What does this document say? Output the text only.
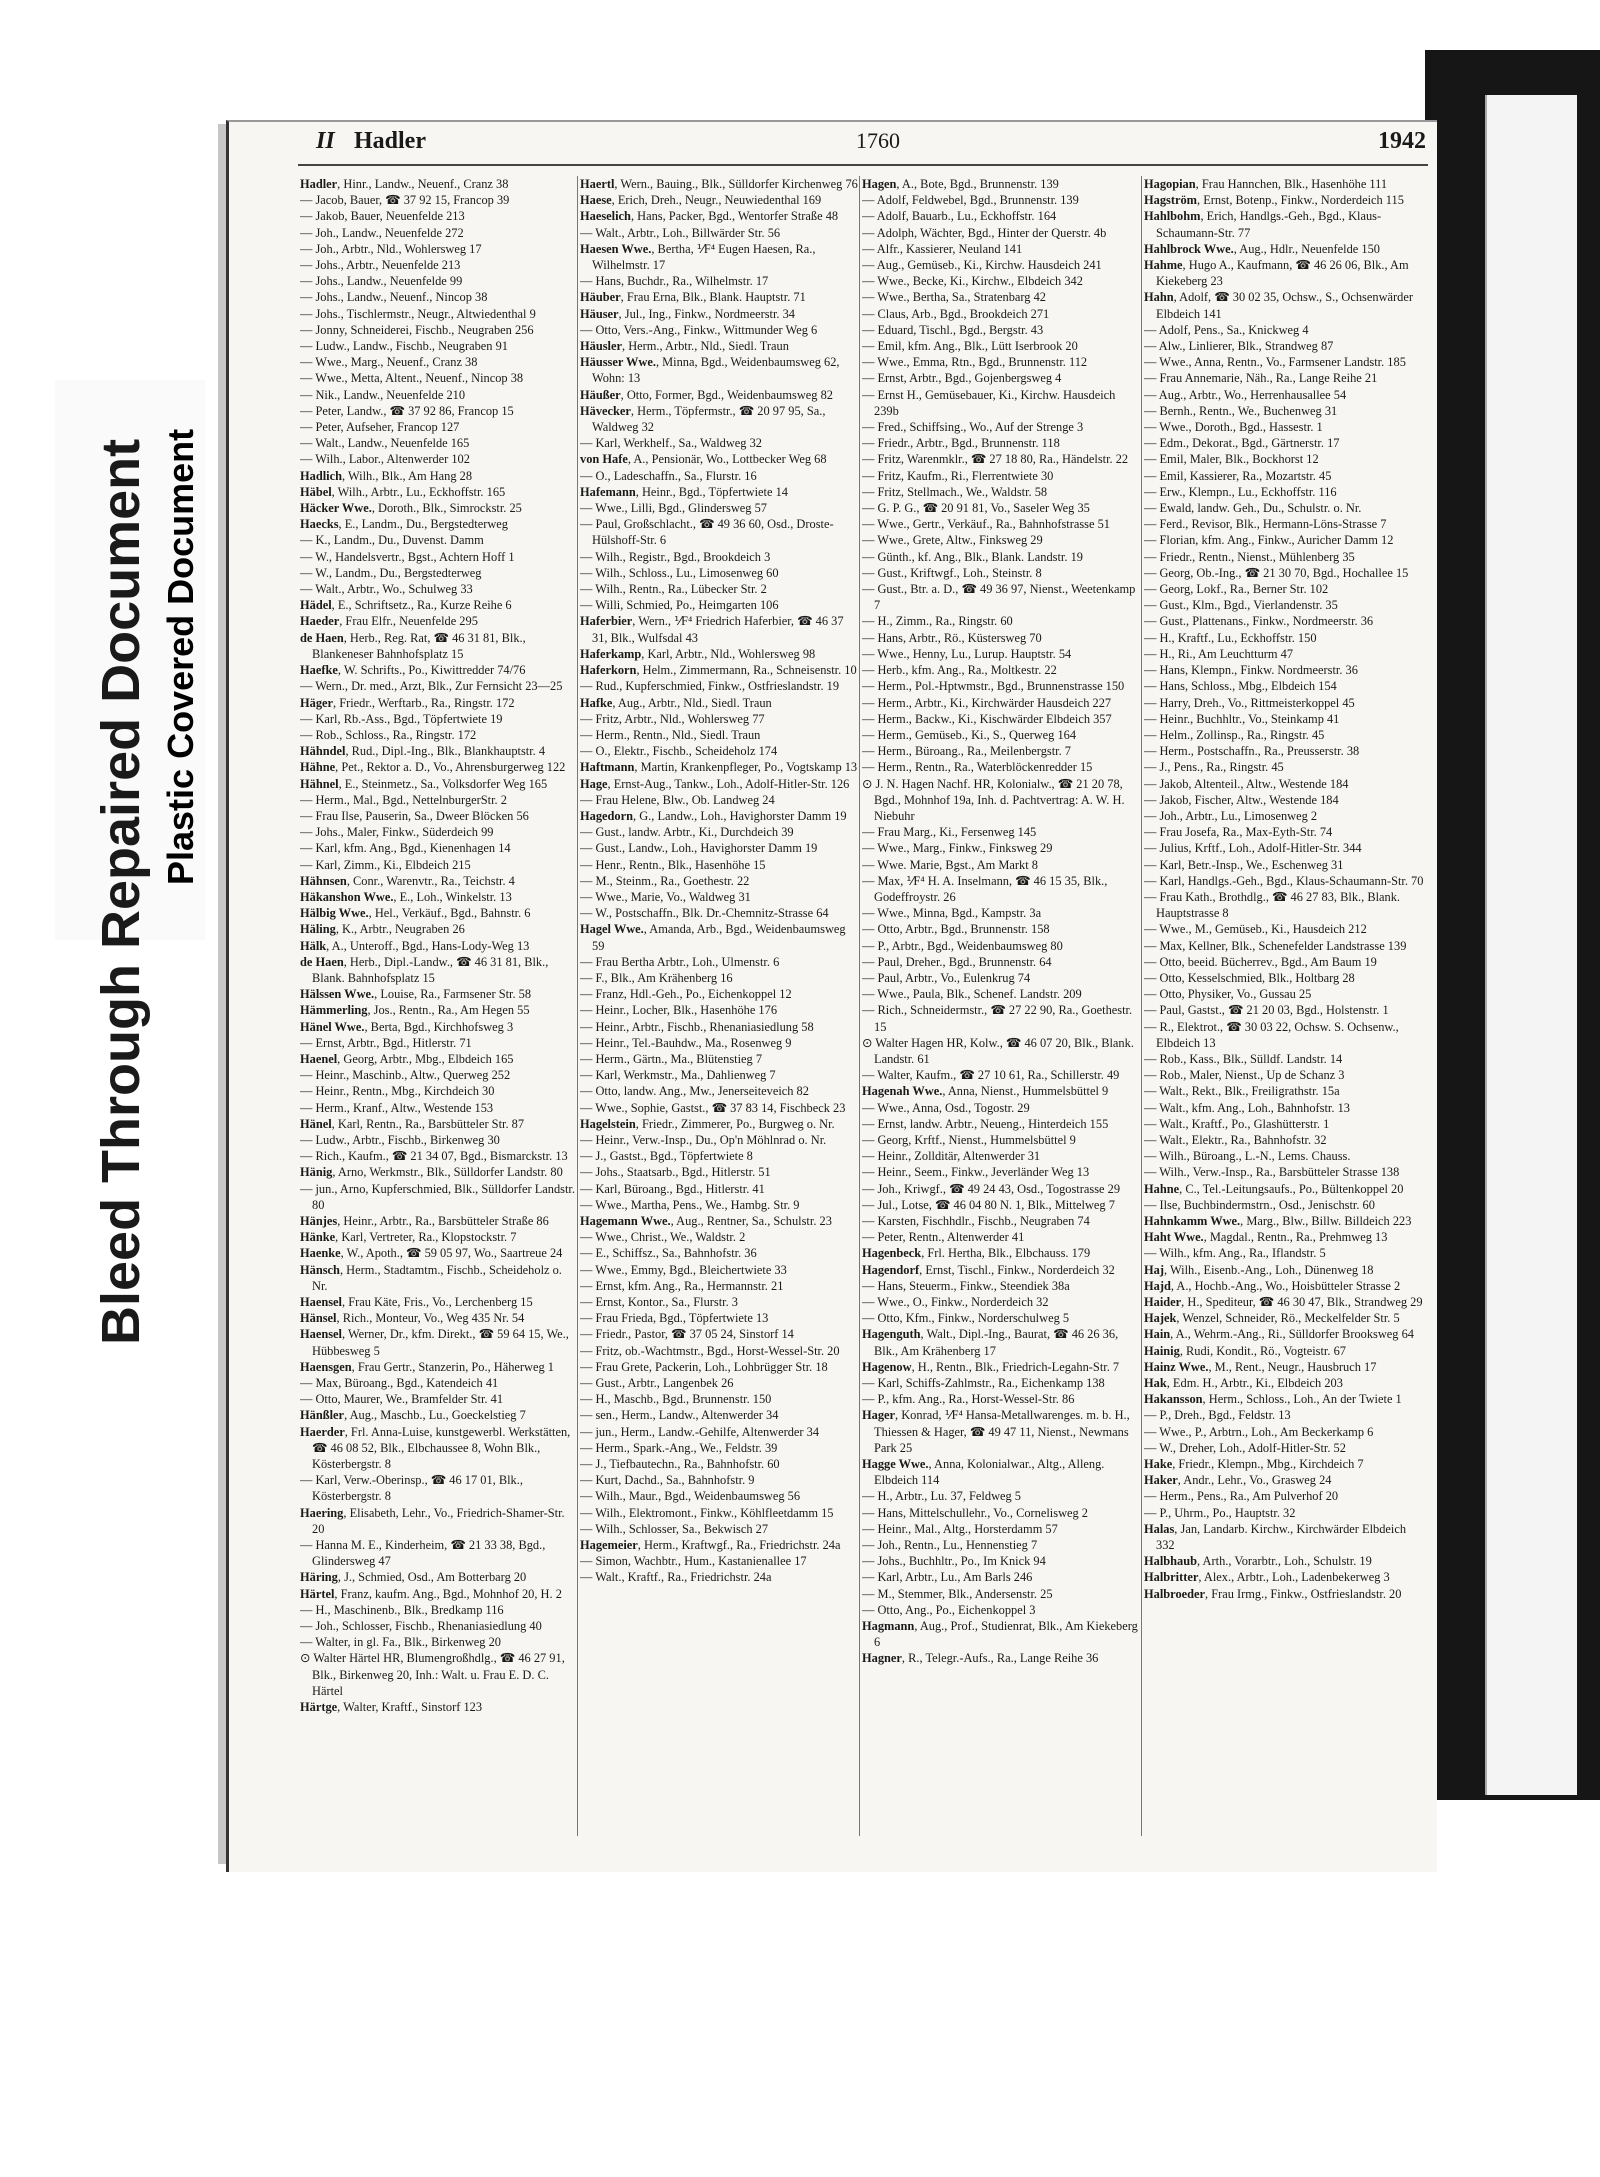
Bleed Through Repaired Document Plastic Covered Document
II Hadler	1760	1942

Hadler, Hinr., Landw., Neuenf., Cranz 38

— Jacob, Bauer, ☎ 37 92 15, Francop 39

— Jakob, Bauer, Neuenfelde 213

— Joh., Landw., Neuenfelde 272

— Joh., Arbtr., Nld., Wohlersweg 17

— Johs., Arbtr., Neuenfelde 213

— Johs., Landw., Neuenfelde 99

— Johs., Landw., Neuenf., Nincop 38

— Johs., Tischlermstr., Neugr., Altwiedenthal 9

— Jonny, Schneiderei, Fischb., Neugraben 256

— Ludw., Landw., Fischb., Neugraben 91

— Wwe., Marg., Neuenf., Cranz 38

— Wwe., Metta, Altent., Neuenf., Nincop 38

— Nik., Landw., Neuenfelde 210

— Peter, Landw., ☎ 37 92 86, Francop 15

— Peter, Aufseher, Francop 127

— Walt., Landw., Neuenfelde 165

— Wilh., Labor., Altenwerder 102

Hadlich, Wilh., Blk., Am Hang 28

Häbel, Wilh., Arbtr., Lu., Eckhoffstr. 165

Häcker Wwe., Doroth., Blk., Simrockstr. 25

Haecks, E., Landm., Du., Bergstedterweg

— K., Landm., Du., Duvenst. Damm

— W., Handelsvertr., Bgst., Achtern Hoff 1

— W., Landm., Du., Bergstedterweg

— Walt., Arbtr., Wo., Schulweg 33

Hädel, E., Schriftsetz., Ra., Kurze Reihe 6

Haeder, Frau Elfr., Neuenfelde 295

de Haen, Herb., Reg. Rat, ☎ 46 31 81, Blk., Blankeneser Bahnhofsplatz 15

Haefke, W. Schrifts., Po., Kiwittredder 74/76

— Wern., Dr. med., Arzt, Blk., Zur Fernsicht 23—25

Häger, Friedr., Werftarb., Ra., Ringstr. 172

— Karl, Rb.-Ass., Bgd., Töpfertwiete 19

— Rob., Schloss., Ra., Ringstr. 172

Hähndel, Rud., Dipl.-Ing., Blk., Blankhauptstr. 4

Hähne, Pet., Rektor a. D., Vo., Ahrensburgerweg 122

Hähnel, E., Steinmetz., Sa., Volksdorfer Weg 165

— Herm., Mal., Bgd., NettelnburgerStr. 2

— Frau Ilse, Pauserin, Sa., Dweer Blöcken 56

— Johs., Maler, Finkw., Süderdeich 99

— Karl, kfm. Ang., Bgd., Kienenhagen 14

— Karl, Zimm., Ki., Elbdeich 215

Hähnsen, Conr., Warenvtr., Ra., Teichstr. 4

Häkanshon Wwe., E., Loh., Winkelstr. 13

Hälbig Wwe., Hel., Verkäuf., Bgd., Bahnstr. 6

Häling, K., Arbtr., Neugraben 26

Hälk, A., Unteroff., Bgd., Hans-Lody-Weg 13

de Haen, Herb., Dipl.-Landw., ☎ 46 31 81, Blk., Blank. Bahnhofsplatz 15

Hälssen Wwe., Louise, Ra., Farmsener Str. 58

Hämmerling, Jos., Rentn., Ra., Am Hegen 55

Hänel Wwe., Berta, Bgd., Kirchhofsweg 3

— Ernst, Arbtr., Bgd., Hitlerstr. 71

Haenel, Georg, Arbtr., Mbg., Elbdeich 165

— Heinr., Maschinb., Altw., Querweg 252

— Heinr., Rentn., Mbg., Kirchdeich 30

— Herm., Kranf., Altw., Westende 153

Hänel, Karl, Rentn., Ra., Barsbütteler Str. 87

— Ludw., Arbtr., Fischb., Birkenweg 30

— Rich., Kaufm., ☎ 21 34 07, Bgd., Bismarckstr. 13

Hänig, Arno, Werkmstr., Blk., Sülldorfer Landstr. 80

— jun., Arno, Kupferschmied, Blk., Sülldorfer Landstr. 80

Hänjes, Heinr., Arbtr., Ra., Barsbütteler Straße 86

Hänke, Karl, Vertreter, Ra., Klopstockstr. 7

Haenke, W., Apoth., ☎ 59 05 97, Wo., Saartreue 24

Hänsch, Herm., Stadtamtm., Fischb., Scheideholz o. Nr.

Haensel, Frau Käte, Fris., Vo., Lerchenberg 15

Hänsel, Rich., Monteur, Vo., Weg 435 Nr. 54

Haensel, Werner, Dr., kfm. Direkt., ☎ 59 64 15, We., Hübbesweg 5

Haensgen, Frau Gertr., Stanzerin, Po., Häherweg 1

— Max, Büroang., Bgd., Katendeich 41

— Otto, Maurer, We., Bramfelder Str. 41

Hänßler, Aug., Maschb., Lu., Goeckelstieg 7

Haerder, Frl. Anna-Luise, kunstgewerbl. Werkstätten, ☎ 46 08 52, Blk., Elbchaussee 8, Wohn Blk., Kösterbergstr. 8

— Karl, Verw.-Oberinsp., ☎ 46 17 01, Blk., Kösterbergstr. 8

Haering, Elisabeth, Lehr., Vo., Friedrich-Shamer-Str. 20

— Hanna M. E., Kinderheim, ☎ 21 33 38, Bgd., Glindersweg 47

Häring, J., Schmied, Osd., Am Botterbarg 20

Härtel, Franz, kaufm. Ang., Bgd., Mohnhof 20, H. 2

— H., Maschinenb., Blk., Bredkamp 116

— Joh., Schlosser, Fischb., Rhenaniasiedlung 40

— Walter, in gl. Fa., Blk., Birkenweg 20

⊙ Walter Härtel HR, Blumengroßhdlg., ☎ 46 27 91, Blk., Birkenweg 20, Inh.: Walt. u. Frau E. D. C. Härtel

Härtge, Walter, Kraftf., Sinstorf 123

Haertl, Wern., Bauing., Blk., Sülldorfer Kirchenweg 76

Haese, Erich, Dreh., Neugr., Neuwiedenthal 169

Haeselich, Hans, Packer, Bgd., Wentorfer Straße 48

— Walt., Arbtr., Loh., Billwärder Str. 56

Haesen Wwe., Bertha, ⅟F⁴ Eugen Haesen, Ra., Wilhelmstr. 17

— Hans, Buchdr., Ra., Wilhelmstr. 17

Häuber, Frau Erna, Blk., Blank. Hauptstr. 71

Häuser, Jul., Ing., Finkw., Nordmeerstr. 34

— Otto, Vers.-Ang., Finkw., Wittmunder Weg 6

Häusler, Herm., Arbtr., Nld., Siedl. Traun

Häusser Wwe., Minna, Bgd., Weidenbaumsweg 62, Wohn: 13

Häußer, Otto, Former, Bgd., Weidenbaumsweg 82

Hävecker, Herm., Töpfermstr., ☎ 20 97 95, Sa., Waldweg 32

— Karl, Werkhelf., Sa., Waldweg 32

von Hafe, A., Pensionär, Wo., Lottbecker Weg 68

— O., Ladeschaffn., Sa., Flurstr. 16

Hafemann, Heinr., Bgd., Töpfertwiete 14

— Wwe., Lilli, Bgd., Glindersweg 57

— Paul, Großschlacht., ☎ 49 36 60, Osd., Droste-Hülshoff-Str. 6

— Wilh., Registr., Bgd., Brookdeich 3

— Wilh., Schloss., Lu., Limosenweg 60

— Wilh., Rentn., Ra., Lübecker Str. 2

— Willi, Schmied, Po., Heimgarten 106

Haferbier, Wern., ⅟F⁴ Friedrich Haferbier, ☎ 46 37 31, Blk., Wulfsdal 43

Haferkamp, Karl, Arbtr., Nld., Wohlersweg 98

Haferkorn, Helm., Zimmermann, Ra., Schneisenstr. 10

— Rud., Kupferschmied, Finkw., Ostfrieslandstr. 19

Hafke, Aug., Arbtr., Nld., Siedl. Traun

— Fritz, Arbtr., Nld., Wohlersweg 77

— Herm., Rentn., Nld., Siedl. Traun

— O., Elektr., Fischb., Scheideholz 174

Haftmann, Martin, Krankenpfleger, Po., Vogtskamp 13

Hage, Ernst-Aug., Tankw., Loh., Adolf-Hitler-Str. 126

— Frau Helene, Blw., Ob. Landweg 24

Hagedorn, G., Landw., Loh., Havighorster Damm 19

— Gust., landw. Arbtr., Ki., Durchdeich 39

— Gust., Landw., Loh., Havighorster Damm 19

— Henr., Rentn., Blk., Hasenhöhe 15

— M., Steinm., Ra., Goethestr. 22

— Wwe., Marie, Vo., Waldweg 31

— W., Postschaffn., Blk. Dr.-Chemnitz-Strasse 64

Hagel Wwe., Amanda, Arb., Bgd., Weidenbaumsweg 59

— Frau Bertha Arbtr., Loh., Ulmenstr. 6

— F., Blk., Am Krähenberg 16

— Franz, Hdl.-Geh., Po., Eichenkoppel 12

— Heinr., Locher, Blk., Hasenhöhe 176

— Heinr., Arbtr., Fischb., Rhenaniasiedlung 58

— Heinr., Tel.-Bauhdw., Ma., Rosenweg 9

— Herm., Gärtn., Ma., Blütenstieg 7

— Karl, Werkmstr., Ma., Dahlienweg 7

— Otto, landw. Ang., Mw., Jenerseiteveich 82

— Wwe., Sophie, Gastst., ☎ 37 83 14, Fischbeck 23

Hagelstein, Friedr., Zimmerer, Po., Burgweg o. Nr.

— Heinr., Verw.-Insp., Du., Op'n Möhlnrad o. Nr.

— J., Gastst., Bgd., Töpfertwiete 8

— Johs., Staatsarb., Bgd., Hitlerstr. 51

— Karl, Büroang., Bgd., Hitlerstr. 41

— Wwe., Martha, Pens., We., Hambg. Str. 9

Hagemann Wwe., Aug., Rentner, Sa., Schulstr. 23

— Wwe., Christ., We., Waldstr. 2

— E., Schiffsz., Sa., Bahnhofstr. 36

— Wwe., Emmy, Bgd., Bleichertwiete 33

— Ernst, kfm. Ang., Ra., Hermannstr. 21

— Ernst, Kontor., Sa., Flurstr. 3

— Frau Frieda, Bgd., Töpfertwiete 13

— Friedr., Pastor, ☎ 37 05 24, Sinstorf 14

— Fritz, ob.-Wachtmstr., Bgd., Horst-Wessel-Str. 20

— Frau Grete, Packerin, Loh., Lohbrügger Str. 18

— Gust., Arbtr., Langenbek 26

— H., Maschb., Bgd., Brunnenstr. 150

— sen., Herm., Landw., Altenwerder 34

— jun., Herm., Landw.-Gehilfe, Altenwerder 34

— Herm., Spark.-Ang., We., Feldstr. 39

— J., Tiefbautechn., Ra., Bahnhofstr. 60

— Kurt, Dachd., Sa., Bahnhofstr. 9

— Wilh., Maur., Bgd., Weidenbaumsweg 56

— Wilh., Elektromont., Finkw., Köhlfleetdamm 15

— Wilh., Schlosser, Sa., Bekwisch 27

Hagemeier, Herm., Kraftwgf., Ra., Friedrichstr. 24a

— Simon, Wachbtr., Hum., Kastanienallee 17

— Walt., Kraftf., Ra., Friedrichstr. 24a

Hagen, A., Bote, Bgd., Brunnenstr. 139

— Adolf, Feldwebel, Bgd., Brunnenstr. 139

— Adolf, Bauarb., Lu., Eckhoffstr. 164

— Adolph, Wächter, Bgd., Hinter der Querstr. 4b

— Alfr., Kassierer, Neuland 141

— Aug., Gemüseb., Ki., Kirchw. Hausdeich 241

— Wwe., Becke, Ki., Kirchw., Elbdeich 342

— Wwe., Bertha, Sa., Stratenbarg 42

— Claus, Arb., Bgd., Brookdeich 271

— Eduard, Tischl., Bgd., Bergstr. 43

— Emil, kfm. Ang., Blk., Lütt Iserbrook 20

— Wwe., Emma, Rtn., Bgd., Brunnenstr. 112

— Ernst, Arbtr., Bgd., Gojenbergsweg 4

— Ernst H., Gemüsebauer, Ki., Kirchw. Hausdeich 239b

— Fred., Schiffsing., Wo., Auf der Strenge 3

— Friedr., Arbtr., Bgd., Brunnenstr. 118

— Fritz, Warenmklr., ☎ 27 18 80, Ra., Händelstr. 22

— Fritz, Kaufm., Ri., Flerrentwiete 30

— Fritz, Stellmach., We., Waldstr. 58

— G. P. G., ☎ 20 91 81, Vo., Saseler Weg 35

— Wwe., Gertr., Verkäuf., Ra., Bahnhofstrasse 51

— Wwe., Grete, Altw., Finksweg 29

— Günth., kf. Ang., Blk., Blank. Landstr. 19

— Gust., Kriftwgf., Loh., Steinstr. 8

— Gust., Btr. a. D., ☎ 49 36 97, Nienst., Weetenkamp 7

— H., Zimm., Ra., Ringstr. 60

— Hans, Arbtr., Rö., Küstersweg 70

— Wwe., Henny, Lu., Lurup. Hauptstr. 54

— Herb., kfm. Ang., Ra., Moltkestr. 22

— Herm., Pol.-Hptwmstr., Bgd., Brunnenstrasse 150

— Herm., Arbtr., Ki., Kirchwärder Hausdeich 227

— Herm., Backw., Ki., Kischwärder Elbdeich 357

— Herm., Gemüseb., Ki., S., Querweg 164

— Herm., Büroang., Ra., Meilenbergstr. 7

— Herm., Rentn., Ra., Waterblöckenredder 15

⊙ J. N. Hagen Nachf. HR, Kolonialw., ☎ 21 20 78, Bgd., Mohnhof 19a, Inh. d. Pachtvertrag: A. W. H. Niebuhr

— Frau Marg., Ki., Fersenweg 145

— Wwe., Marg., Finkw., Finksweg 29

— Wwe. Marie, Bgst., Am Markt 8

— Max, ⅟F⁴ H. A. Inselmann, ☎ 46 15 35, Blk., Godeffroystr. 26

— Wwe., Minna, Bgd., Kampstr. 3a

— Otto, Arbtr., Bgd., Brunnenstr. 158

— P., Arbtr., Bgd., Weidenbaumsweg 80

— Paul, Dreher., Bgd., Brunnenstr. 64

— Paul, Arbtr., Vo., Eulenkrug 74

— Wwe., Paula, Blk., Schenef. Landstr. 209

— Rich., Schneidermstr., ☎ 27 22 90, Ra., Goethestr. 15

⊙ Walter Hagen HR, Kolw., ☎ 46 07 20, Blk., Blank. Landstr. 61

— Walter, Kaufm., ☎ 27 10 61, Ra., Schillerstr. 49

Hagenah Wwe., Anna, Nienst., Hummelsbüttel 9

— Wwe., Anna, Osd., Togostr. 29

— Ernst, landw. Arbtr., Neueng., Hinterdeich 155

— Georg, Krftf., Nienst., Hummelsbüttel 9

— Heinr., Zollditär, Altenwerder 31

— Heinr., Seem., Finkw., Jeverländer Weg 13

— Joh., Kriwgf., ☎ 49 24 43, Osd., Togostrasse 29

— Jul., Lotse, ☎ 46 04 80 N. 1, Blk., Mittelweg 7

— Karsten, Fischhdlr., Fischb., Neugraben 74

— Peter, Rentn., Altenwerder 41

Hagenbeck, Frl. Hertha, Blk., Elbchauss. 179

Hagendorf, Ernst, Tischl., Finkw., Norderdeich 32

— Hans, Steuerm., Finkw., Steendiek 38a

— Wwe., O., Finkw., Norderdeich 32

— Otto, Kfm., Finkw., Norderschulweg 5

Hagenguth, Walt., Dipl.-Ing., Baurat, ☎ 46 26 36, Blk., Am Krähenberg 17

Hagenow, H., Rentn., Blk., Friedrich-Legahn-Str. 7

— Karl, Schiffs-Zahlmstr., Ra., Eichenkamp 138

— P., kfm. Ang., Ra., Horst-Wessel-Str. 86

Hager, Konrad, ⅟F⁴ Hansa-Metallwarenges. m. b. H., Thiessen & Hager, ☎ 49 47 11, Nienst., Newmans Park 25

Hagge Wwe., Anna, Kolonialwar., Altg., Alleng. Elbdeich 114

— H., Arbtr., Lu. 37, Feldweg 5

— Hans, Mittelschullehr., Vo., Cornelisweg 2

— Heinr., Mal., Altg., Horsterdamm 57

— Joh., Rentn., Lu., Hennenstieg 7

— Johs., Buchhltr., Po., Im Knick 94

— Karl, Arbtr., Lu., Am Barls 246

— M., Stemmer, Blk., Andersenstr. 25

— Otto, Ang., Po., Eichenkoppel 3

Hagmann, Aug., Prof., Studienrat, Blk., Am Kiekeberg 6

Hagner, R., Telegr.-Aufs., Ra., Lange Reihe 36

Hagopian, Frau Hannchen, Blk., Hasenhöhe 111

Hagström, Ernst, Botenp., Finkw., Norderdeich 115

Hahlbohm, Erich, Handlgs.-Geh., Bgd., Klaus-Schaumann-Str. 77

Hahlbrock Wwe., Aug., Hdlr., Neuenfelde 150

Hahme, Hugo A., Kaufmann, ☎ 46 26 06, Blk., Am Kiekeberg 23

Hahn, Adolf, ☎ 30 02 35, Ochsw., S., Ochsenwärder Elbdeich 141

— Adolf, Pens., Sa., Knickweg 4

— Alw., Linlierer, Blk., Strandweg 87

— Wwe., Anna, Rentn., Vo., Farmsener Landstr. 185

— Frau Annemarie, Näh., Ra., Lange Reihe 21

— Aug., Arbtr., Wo., Herrenhausallee 54

— Bernh., Rentn., We., Buchenweg 31

— Wwe., Doroth., Bgd., Hassestr. 1

— Edm., Dekorat., Bgd., Gärtnerstr. 17

— Emil, Maler, Blk., Bockhorst 12

— Emil, Kassierer, Ra., Mozartstr. 45

— Erw., Klempn., Lu., Eckhoffstr. 116

— Ewald, landw. Geh., Du., Schulstr. o. Nr.

— Ferd., Revisor, Blk., Hermann-Löns-Strasse 7

— Florian, kfm. Ang., Finkw., Auricher Damm 12

— Friedr., Rentn., Nienst., Mühlenberg 35

— Georg, Ob.-Ing., ☎ 21 30 70, Bgd., Hochallee 15

— Georg, Lokf., Ra., Berner Str. 102

— Gust., Klm., Bgd., Vierlandenstr. 35

— Gust., Plattenans., Finkw., Nordmeerstr. 36

— H., Kraftf., Lu., Eckhoffstr. 150

— H., Ri., Am Leuchtturm 47

— Hans, Klempn., Finkw. Nordmeerstr. 36

— Hans, Schloss., Mbg., Elbdeich 154

— Harry, Dreh., Vo., Rittmeisterkoppel 45

— Heinr., Buchhltr., Vo., Steinkamp 41

— Helm., Zollinsp., Ra., Ringstr. 45

— Herm., Postschaffn., Ra., Preusserstr. 38

— J., Pens., Ra., Ringstr. 45

— Jakob, Altenteil., Altw., Westende 184

— Jakob, Fischer, Altw., Westende 184

— Joh., Arbtr., Lu., Limosenweg 2

— Frau Josefa, Ra., Max-Eyth-Str. 74

— Julius, Krftf., Loh., Adolf-Hitler-Str. 344

— Karl, Betr.-Insp., We., Eschenweg 31

— Karl, Handlgs.-Geh., Bgd., Klaus-Schaumann-Str. 70

— Frau Kath., Brothdlg., ☎ 46 27 83, Blk., Blank. Hauptstrasse 8

— Wwe., M., Gemüseb., Ki., Hausdeich 212

— Max, Kellner, Blk., Schenefelder Landstrasse 139

— Otto, beeid. Bücherrev., Bgd., Am Baum 19

— Otto, Kesselschmied, Blk., Holtbarg 28

— Otto, Physiker, Vo., Gussau 25

— Paul, Gastst., ☎ 21 20 03, Bgd., Holstenstr. 1

— R., Elektrot., ☎ 30 03 22, Ochsw. S. Ochsenw., Elbdeich 13

— Rob., Kass., Blk., Sülldf. Landstr. 14

— Rob., Maler, Nienst., Up de Schanz 3

— Walt., Rekt., Blk., Freiligrathstr. 15a

— Walt., kfm. Ang., Loh., Bahnhofstr. 13

— Walt., Kraftf., Po., Glashütterstr. 1

— Walt., Elektr., Ra., Bahnhofstr. 32

— Wilh., Büroang., L.-N., Lems. Chauss.

— Wilh., Verw.-Insp., Ra., Barsbütteler Strasse 138

Hahne, C., Tel.-Leitungsaufs., Po., Bültenkoppel 20

— Ilse, Buchbindermstrn., Osd., Jenischstr. 60

Hahnkamm Wwe., Marg., Blw., Billw. Billdeich 223

Haht Wwe., Magdal., Rentn., Ra., Prehmweg 13

— Wilh., kfm. Ang., Ra., Iflandstr. 5

Haj, Wilh., Eisenb.-Ang., Loh., Dünenweg 18

Hajd, A., Hochb.-Ang., Wo., Hoisbütteler Strasse 2

Haider, H., Spediteur, ☎ 46 30 47, Blk., Strandweg 29

Hajek, Wenzel, Schneider, Rö., Meckelfelder Str. 5

Hain, A., Wehrm.-Ang., Ri., Sülldorfer Brooksweg 64

Hainig, Rudi, Kondit., Rö., Vogteistr. 67

Hainz Wwe., M., Rent., Neugr., Hausbruch 17

Hak, Edm. H., Arbtr., Ki., Elbdeich 203

Hakansson, Herm., Schloss., Loh., An der Twiete 1

— P., Dreh., Bgd., Feldstr. 13

— Wwe., P., Arbtrn., Loh., Am Beckerkamp 6

— W., Dreher, Loh., Adolf-Hitler-Str. 52

Hake, Friedr., Klempn., Mbg., Kirchdeich 7

Haker, Andr., Lehr., Vo., Grasweg 24

— Herm., Pens., Ra., Am Pulverhof 20

— P., Uhrm., Po., Hauptstr. 32

Halas, Jan, Landarb. Kirchw., Kirchwärder Elbdeich 332

Halbhaub, Arth., Vorarbtr., Loh., Schulstr. 19

Halbritter, Alex., Arbtr., Loh., Ladenbekerweg 3

Halbroeder, Frau Irmg., Finkw., Ostfrieslandstr. 20
